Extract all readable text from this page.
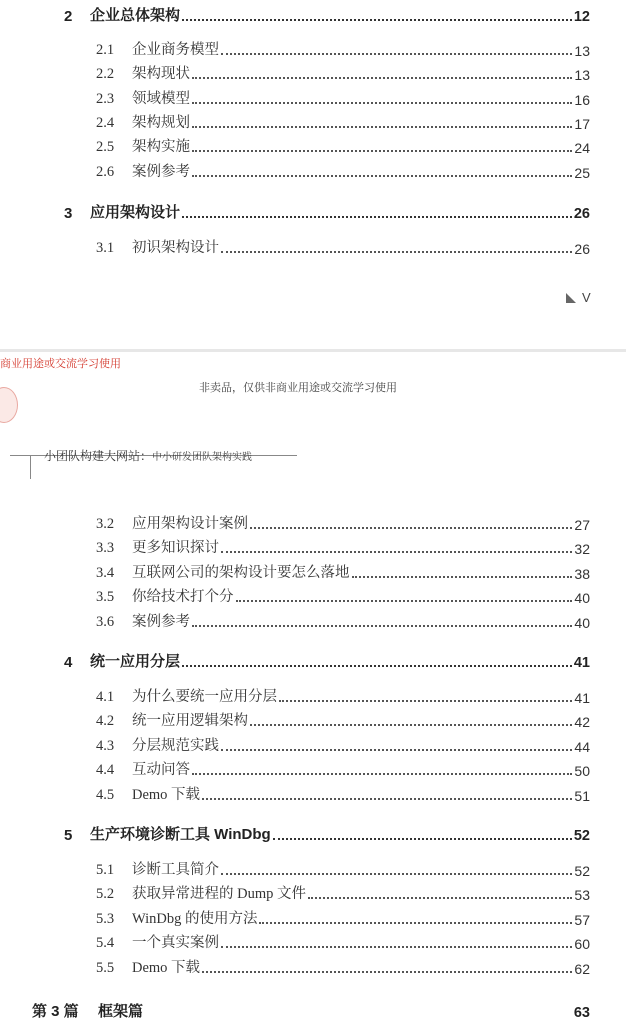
2	企业总体架构	12
2.1	企业商务模型	13
2.2	架构现状	13
2.3	领域模型	16
2.4	架构规划	17
2.5	架构实施	24
2.6	案例参考	25
3	应用架构设计	26
3.1	初识架构设计	26
V
商业用途或交流学习使用
非卖品，仅供非商业用途或交流学习使用
小团队构建大网站：中小研发团队架构实践
3.2	应用架构设计案例	27
3.3	更多知识探讨	32
3.4	互联网公司的架构设计要怎么落地	38
3.5	你给技术打个分	40
3.6	案例参考	40
4	统一应用分层	41
4.1	为什么要统一应用分层	41
4.2	统一应用逻辑架构	42
4.3	分层规范实践	44
4.4	互动问答	50
4.5	Demo 下载	51
5	生产环境诊断工具 WinDbg	52
5.1	诊断工具简介	52
5.2	获取异常进程的 Dump 文件	53
5.3	WinDbg 的使用方法	57
5.4	一个真实案例	60
5.5	Demo 下载	62
第 3 篇	框架篇	63
